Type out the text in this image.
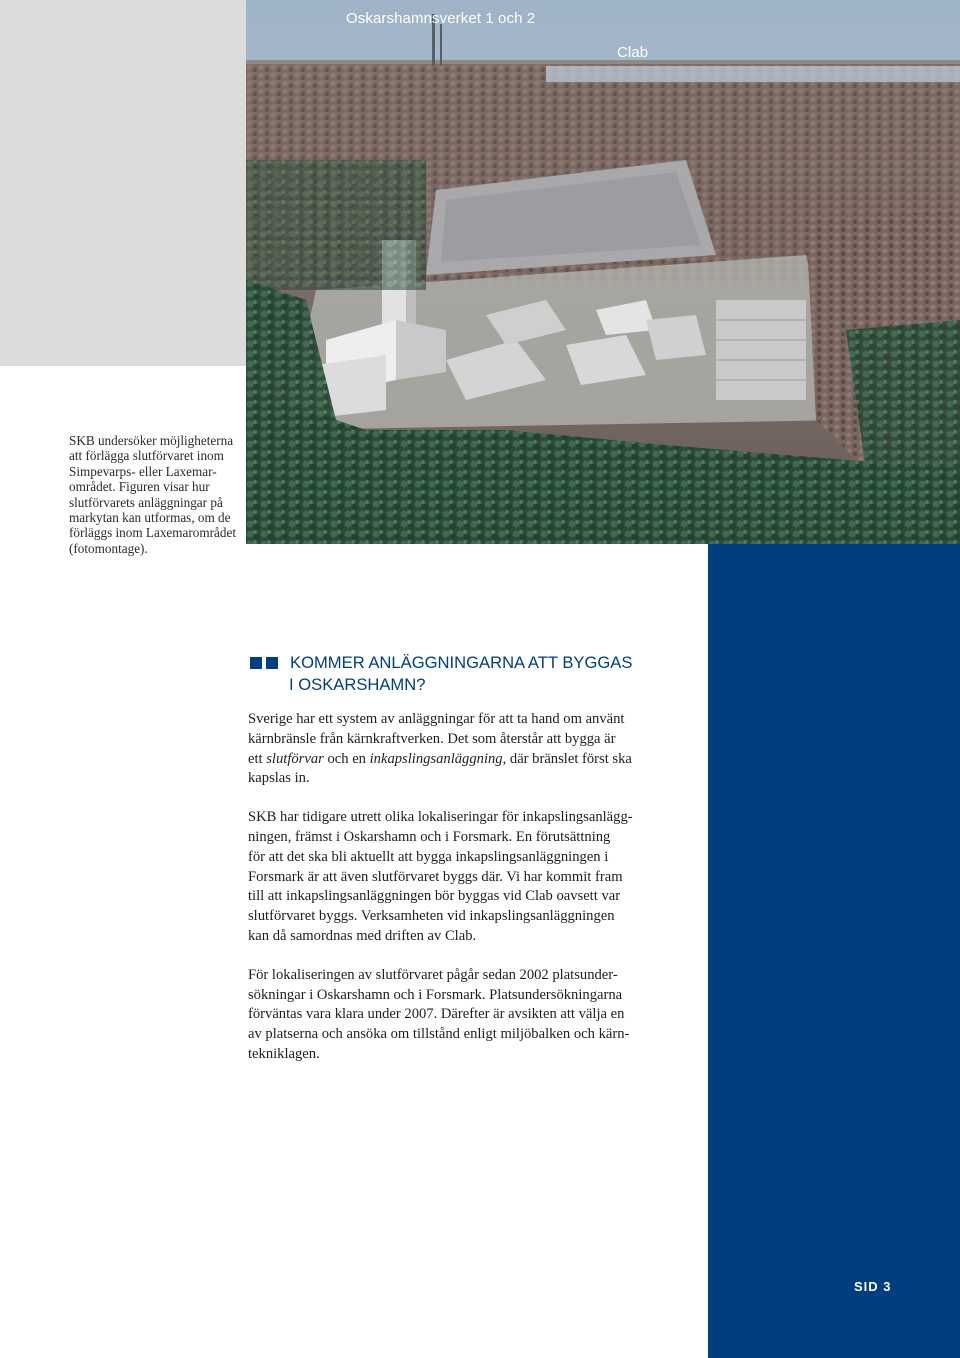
Oskarshamnsverket 1 och 2
Clab

SKB undersöker möjligheterna

att förlägga slutförvaret inom

Simpevarps- eller Laxemar-

området. Figuren visar hur

slutförvarets anläggningar på

markytan kan utformas, om de

förläggs inom Laxemarområdet

(fotomontage).

KOMMER ANLÄGGNINGARNA ATT BYGGAS
I OSKARSHAMN?

Sverige har ett system av anläggningar för att ta hand om använt
kärnbränsle från kärnkraftverken. Det som återstår att bygga är
ett slutförvar och en inkapslingsanläggning, där bränslet först ska
kapslas in.

SKB har tidigare utrett olika lokaliseringar för inkapslingsanlägg-
ningen, främst i Oskarshamn och i Forsmark. En förutsättning
för att det ska bli aktuellt att bygga inkapslingsanläggningen i
Forsmark är att även slutförvaret byggs där. Vi har kommit fram
till att inkapslingsanläggningen bör byggas vid Clab oavsett var
slutförvaret byggs. Verksamheten vid inkapslingsanläggningen
kan då samordnas med driften av Clab.

För lokaliseringen av slutförvaret pågår sedan 2002 platsunder-
sökningar i Oskarshamn och i Forsmark. Platsundersökningarna
förväntas vara klara under 2007. Därefter är avsikten att välja en
av platserna och ansöka om tillstånd enligt miljöbalken och kärn-
tekniklagen.

SID 3
